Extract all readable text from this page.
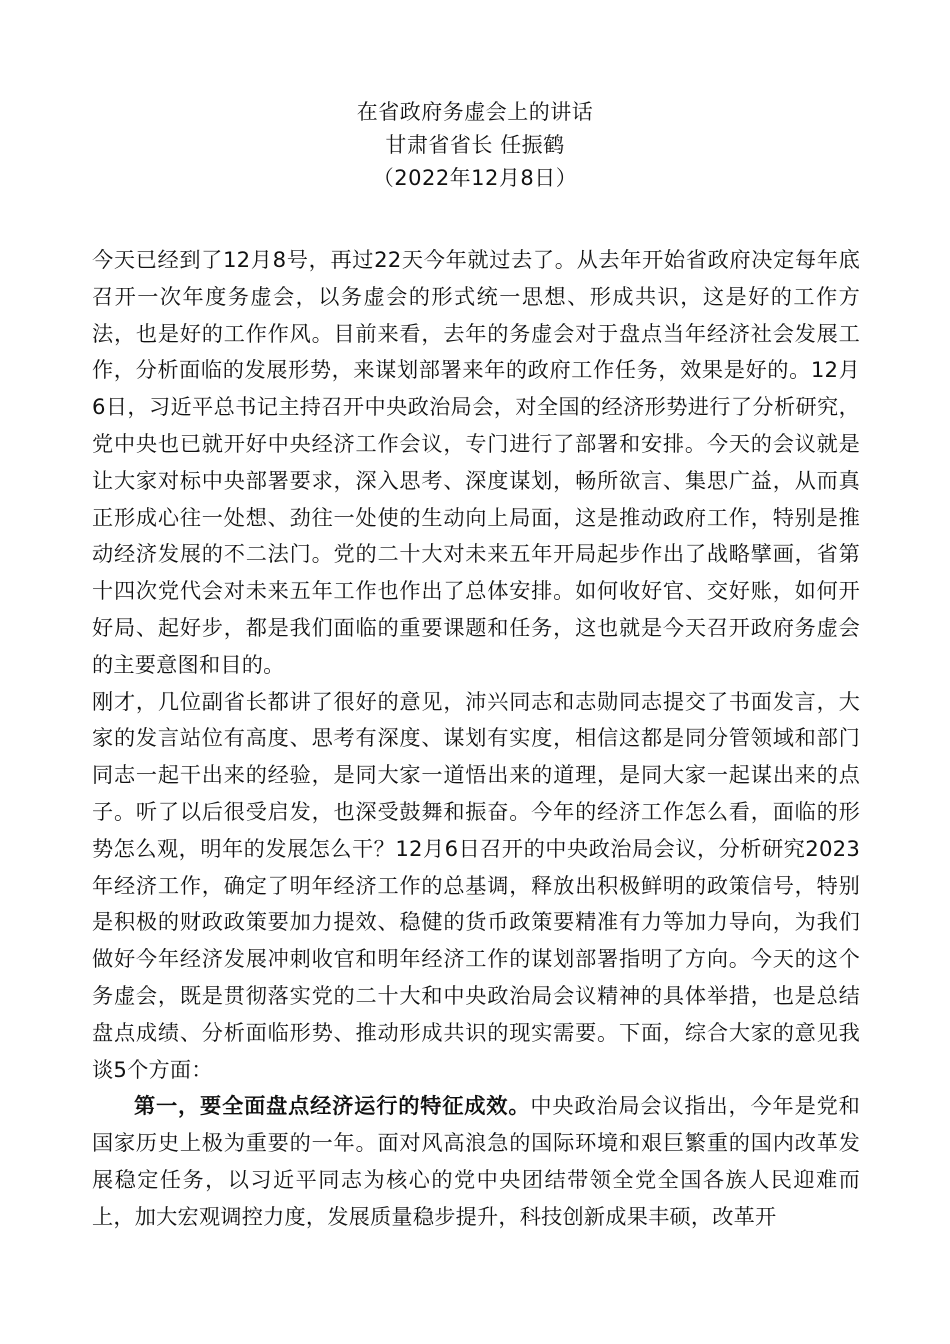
在省政府务虚会上的讲话
甘肃省省长 任振鹤
（2022年12月8日）

今天已经到了12月8号，再过22天今年就过去了。从去年开始省政府决定每年底召开一次年度务虚会，以务虚会的形式统一思想、形成共识，这是好的工作方法，也是好的工作作风。目前来看，去年的务虚会对于盘点当年经济社会发展工作，分析面临的发展形势，来谋划部署来年的政府工作任务，效果是好的。12月6日，习近平总书记主持召开中央政治局会，对全国的经济形势进行了分析研究，党中央也已就开好中央经济工作会议，专门进行了部署和安排。今天的会议就是让大家对标中央部署要求，深入思考、深度谋划，畅所欲言、集思广益，从而真正形成心往一处想、劲往一处使的生动向上局面，这是推动政府工作，特别是推动经济发展的不二法门。党的二十大对未来五年开局起步作出了战略擘画，省第十四次党代会对未来五年工作也作出了总体安排。如何收好官、交好账，如何开好局、起好步，都是我们面临的重要课题和任务，这也就是今天召开政府务虚会的主要意图和目的。

刚才，几位副省长都讲了很好的意见，沛兴同志和志勋同志提交了书面发言，大家的发言站位有高度、思考有深度、谋划有实度，相信这都是同分管领域和部门同志一起干出来的经验，是同大家一道悟出来的道理，是同大家一起谋出来的点子。听了以后很受启发，也深受鼓舞和振奋。今年的经济工作怎么看，面临的形势怎么观，明年的发展怎么干？12月6日召开的中央政治局会议，分析研究2023年经济工作，确定了明年经济工作的总基调，释放出积极鲜明的政策信号，特别是积极的财政政策要加力提效、稳健的货币政策要精准有力等加力导向，为我们做好今年经济发展冲刺收官和明年经济工作的谋划部署指明了方向。今天的这个务虚会，既是贯彻落实党的二十大和中央政治局会议精神的具体举措，也是总结盘点成绩、分析面临形势、推动形成共识的现实需要。下面，综合大家的意见我谈5个方面：

第一，要全面盘点经济运行的特征成效。中央政治局会议指出，今年是党和国家历史上极为重要的一年。面对风高浪急的国际环境和艰巨繁重的国内改革发展稳定任务，以习近平同志为核心的党中央团结带领全党全国各族人民迎难而上，加大宏观调控力度，发展质量稳步提升，科技创新成果丰硕，改革开
